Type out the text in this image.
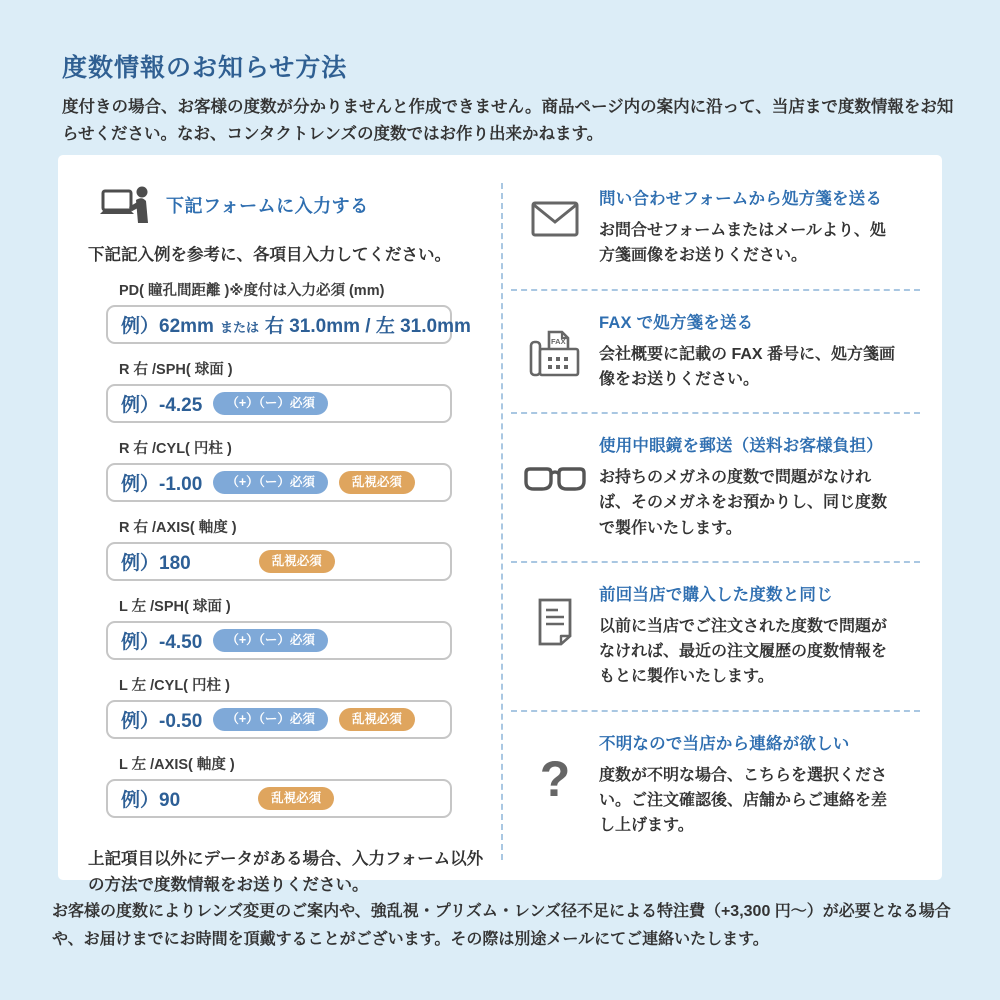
度数情報のお知らせ方法

度付きの場合、お客様の度数が分かりませんと作成できません。商品ページ内の案内に沿って、当店まで度数情報をお知らせください。なお、コンタクトレンズの度数ではお作り出来かねます。

下記フォームに入力する

下記記入例を参考に、各項目入力してください。

PD( 瞳孔間距離 )※度付は入力必須 (mm)
例）62mm または 右 31.0mm / 左 31.0mm
R 右 /SPH( 球面 )
例）-4.25	（+）（ー）必須
R 右 /CYL( 円柱 )
例）-1.00	（+）（ー）必須	乱視必須
R 右 /AXIS( 軸度 )
例）180	乱視必須
L 左 /SPH( 球面 )
例）-4.50	（+）（ー）必須
L 左 /CYL( 円柱 )
例）-0.50	（+）（ー）必須	乱視必須
L 左 /AXIS( 軸度 )
例）90	乱視必須

上記項目以外にデータがある場合、入力フォーム以外の方法で度数情報をお送りください。

問い合わせフォームから処方箋を送る
お問合せフォームまたはメールより、処方箋画像をお送りください。
FAX
FAX で処方箋を送る
会社概要に記載の FAX 番号に、処方箋画像をお送りください。
使用中眼鏡を郵送（送料お客様負担）
お持ちのメガネの度数で問題がなければ、そのメガネをお預かりし、同じ度数で製作いたします。
前回当店で購入した度数と同じ
以前に当店でご注文された度数で問題がなければ、最近の注文履歴の度数情報をもとに製作いたします。
?
不明なので当店から連絡が欲しい
度数が不明な場合、こちらを選択ください。ご注文確認後、店舗からご連絡を差し上げます。

お客様の度数によりレンズ変更のご案内や、強乱視・プリズム・レンズ径不足による特注費（+3,300 円〜）が必要となる場合や、お届けまでにお時間を頂戴することがございます。その際は別途メールにてご連絡いたします。
